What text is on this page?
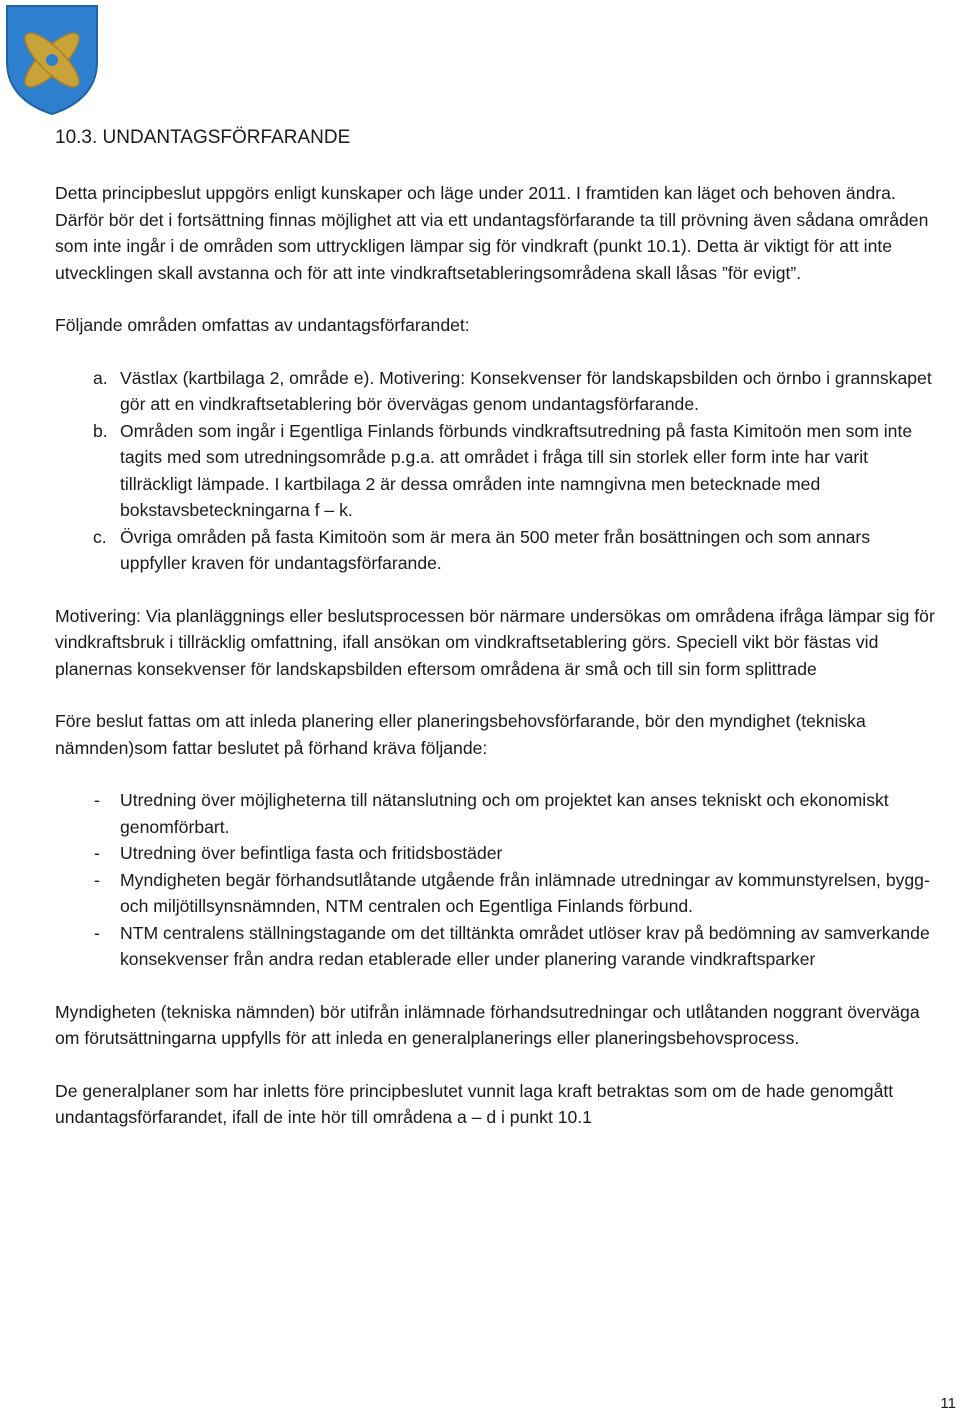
10.3. UNDANTAGSFÖRFARANDE

Detta principbeslut uppgörs enligt kunskaper och läge under 2011. I framtiden kan läget och behoven ändra. Därför bör det i fortsättning finnas möjlighet att via ett undantagsförfarande ta till prövning även sådana områden som inte ingår i de områden som uttryckligen lämpar sig för vindkraft (punkt 10.1). Detta är viktigt för att inte utvecklingen skall avstanna och för att inte vindkraftsetableringsområdena skall låsas ”för evigt”.

Följande områden omfattas av undantagsförfarandet:

a. Västlax (kartbilaga 2, område e). Motivering: Konsekvenser för landskapsbilden och örnbo i grannskapet gör att en vindkraftsetablering bör övervägas genom undantagsförfarande.
b. Områden som ingår i Egentliga Finlands förbunds vindkraftsutredning på fasta Kimitoön men som inte tagits med som utredningsområde p.g.a. att området i fråga till sin storlek eller form inte har varit tillräckligt lämpade. I kartbilaga 2 är dessa områden inte namngivna men betecknade med bokstavsbeteckningarna f – k.
c. Övriga områden på fasta Kimitoön som är mera än 500 meter från bosättningen och som annars uppfyller kraven för undantagsförfarande.

Motivering: Via planläggnings eller beslutsprocessen bör närmare undersökas om områdena ifråga lämpar sig för vindkraftsbruk i tillräcklig omfattning, ifall ansökan om vindkraftsetablering görs. Speciell vikt bör fästas vid planernas konsekvenser för landskapsbilden eftersom områdena är små och till sin form splittrade

Före beslut fattas om att inleda planering eller planeringsbehovsförfarande, bör den myndighet (tekniska nämnden)som fattar beslutet på förhand kräva följande:

- Utredning över möjligheterna till nätanslutning och om projektet kan anses tekniskt och ekonomiskt genomförbart.
- Utredning över befintliga fasta och fritidsbostäder
- Myndigheten begär förhandsutlåtande utgående från inlämnade utredningar av kommunstyrelsen, bygg- och miljötillsynsnämnden, NTM centralen och Egentliga Finlands förbund.
- NTM centralens ställningstagande om det tilltänkta området utlöser krav på bedömning av samverkande konsekvenser från andra redan etablerade eller under planering varande vindkraftsparker

Myndigheten (tekniska nämnden) bör utifrån inlämnade förhandsutredningar och utlåtanden noggrant överväga om förutsättningarna uppfylls för att inleda en generalplanerings eller planeringsbehovsprocess.

De generalplaner som har inletts före principbeslutet vunnit laga kraft betraktas som om de hade genomgått undantagsförfarandet, ifall de inte hör till områdena a – d i punkt 10.1

11
